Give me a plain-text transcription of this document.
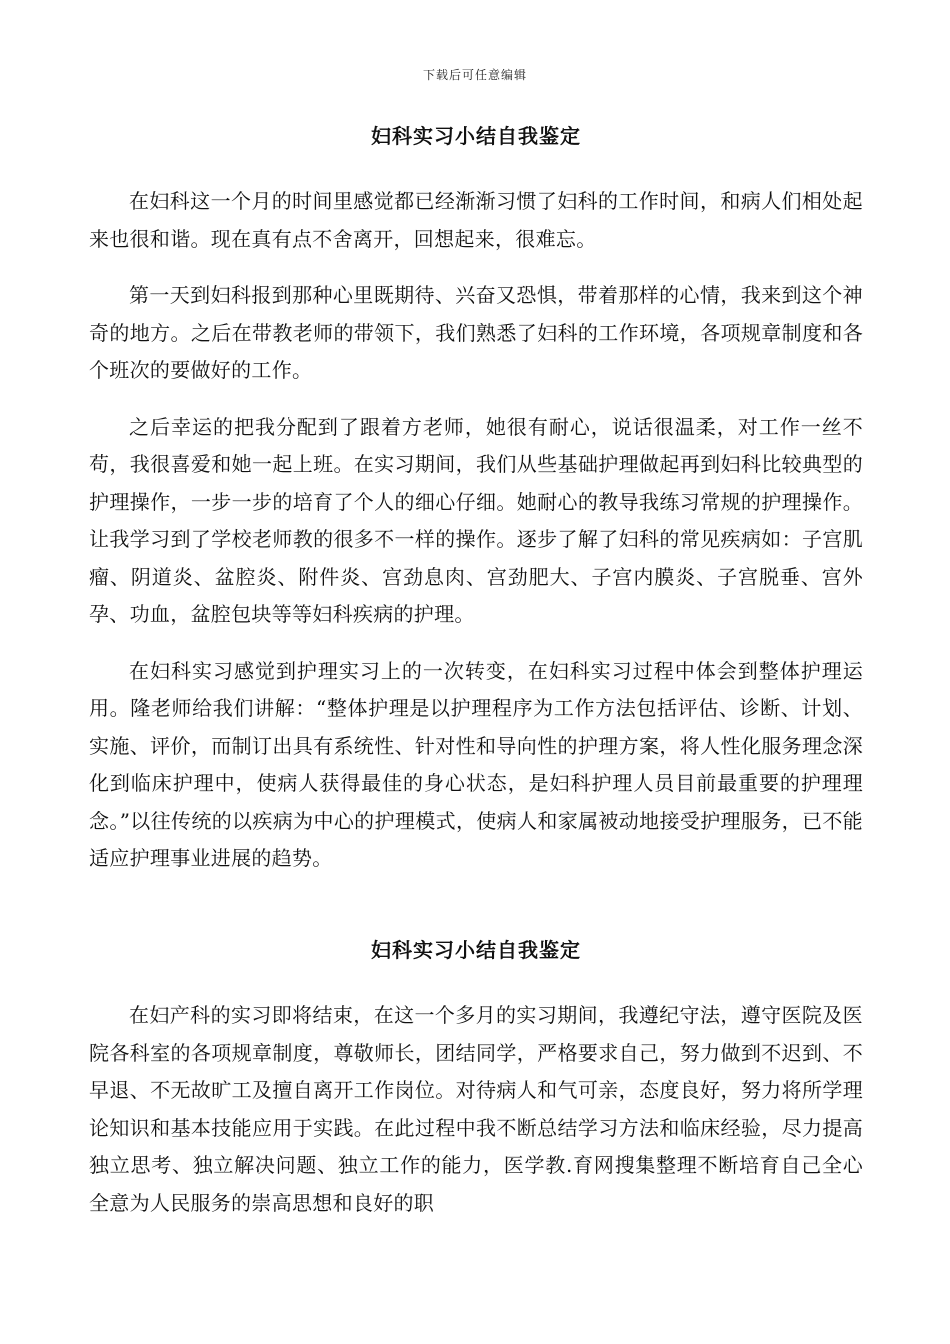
下载后可任意编辑
妇科实习小结自我鉴定

在妇科这一个月的时间里感觉都已经渐渐习惯了妇科的工作时间，和病人们相处起来也很和谐。现在真有点不舍离开，回想起来，很难忘。

第一天到妇科报到那种心里既期待、兴奋又恐惧，带着那样的心情，我来到这个神奇的地方。之后在带教老师的带领下，我们熟悉了妇科的工作环境，各项规章制度和各个班次的要做好的工作。

之后幸运的把我分配到了跟着方老师，她很有耐心，说话很温柔，对工作一丝不苟，我很喜爱和她一起上班。在实习期间，我们从些基础护理做起再到妇科比较典型的护理操作，一步一步的培育了个人的细心仔细。她耐心的教导我练习常规的护理操作。让我学习到了学校老师教的很多不一样的操作。逐步了解了妇科的常见疾病如：子宫肌瘤、阴道炎、盆腔炎、附件炎、宫劲息肉、宫劲肥大、子宫内膜炎、子宫脱垂、宫外孕、功血，盆腔包块等等妇科疾病的护理。

在妇科实习感觉到护理实习上的一次转变，在妇科实习过程中体会到整体护理运用。隆老师给我们讲解：“整体护理是以护理程序为工作方法包括评估、诊断、计划、实施、评价，而制订出具有系统性、针对性和导向性的护理方案，将人性化服务理念深化到临床护理中，使病人获得最佳的身心状态，是妇科护理人员目前最重要的护理理念。”以往传统的以疾病为中心的护理模式，使病人和家属被动地接受护理服务，已不能适应护理事业进展的趋势。

妇科实习小结自我鉴定

在妇产科的实习即将结束，在这一个多月的实习期间，我遵纪守法，遵守医院及医院各科室的各项规章制度，尊敬师长，团结同学，严格要求自己，努力做到不迟到、不早退、不无故旷工及擅自离开工作岗位。对待病人和气可亲，态度良好，努力将所学理论知识和基本技能应用于实践。在此过程中我不断总结学习方法和临床经验，尽力提高独立思考、独立解决问题、独立工作的能力，医学教.育网搜集整理不断培育自己全心全意为人民服务的崇高思想和良好的职
